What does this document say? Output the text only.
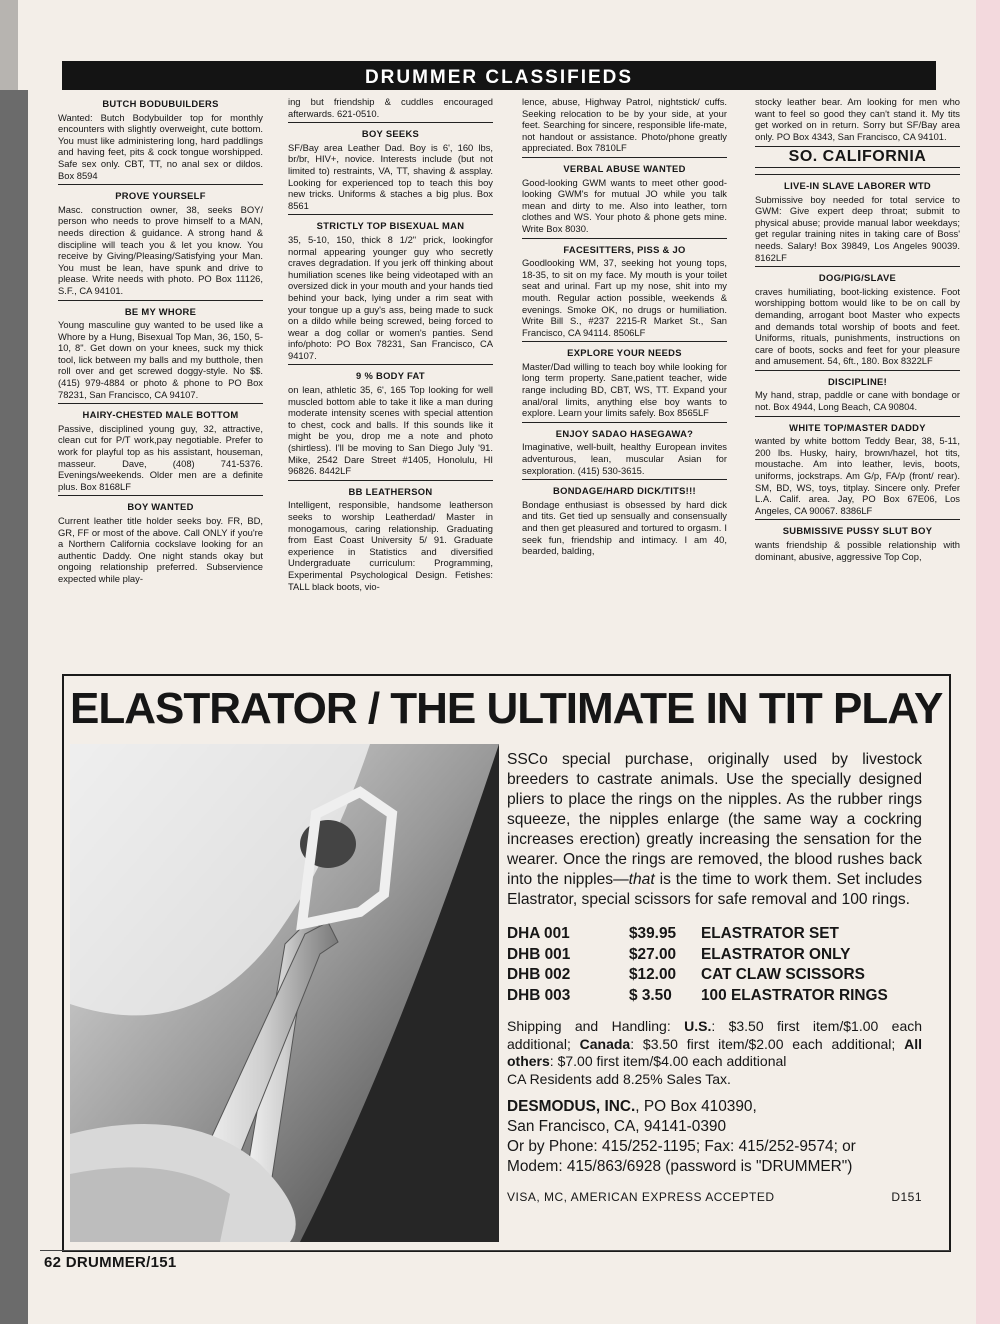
DRUMMER CLASSIFIEDS
BUTCH BODUBUILDERS

Wanted: Butch Bodybuilder top for monthly encounters with slightly overweight, cute bottom. You must like administering long, hard paddlings and having feet, pits & cock tongue worshipped. Safe sex only. CBT, TT, no anal sex or dildos. Box 8594

PROVE YOURSELF

Masc. construction owner, 38, seeks BOY/ person who needs to prove himself to a MAN, needs direction & guidance. A strong hand & discipline will teach you & let you know. You receive by Giving/Pleasing/Satisfying your Man. You must be lean, have spunk and drive to please. Write needs with photo. PO Box 11126, S.F., CA 94101.

BE MY WHORE

Young masculine guy wanted to be used like a Whore by a Hung, Bisexual Top Man, 36, 150, 5-10, 8". Get down on your knees, suck my thick tool, lick between my balls and my butthole, then roll over and get screwed doggy-style. No $$. (415) 979-4884 or photo & phone to PO Box 78231, San Francisco, CA 94107.

HAIRY-CHESTED MALE BOTTOM

Passive, disciplined young guy, 32, attractive, clean cut for P/T work,pay negotiable. Prefer to work for playful top as his assistant, houseman, masseur. Dave, (408) 741-5376. Evenings/weekends. Older men are a definite plus. Box 8168LF

BOY WANTED

Current leather title holder seeks boy. FR, BD, GR, FF or most of the above. Call ONLY if you're a Northern California cockslave looking for an authentic Daddy. One night stands okay but ongoing relationship preferred. Subservience expected while play-

ing but friendship & cuddles encouraged afterwards. 621-0510.

BOY SEEKS

SF/Bay area Leather Dad. Boy is 6', 160 lbs, br/br, HIV+, novice. Interests include (but not limited to) restraints, VA, TT, shaving & assplay. Looking for experienced top to teach this boy new tricks. Uniforms & staches a big plus. Box 8561

STRICTLY TOP BISEXUAL MAN

35, 5-10, 150, thick 8 1/2" prick, lookingfor normal appearing younger guy who secretly craves degradation. If you jerk off thinking about humiliation scenes like being videotaped with an oversized dick in your mouth and your hands tied behind your back, lying under a rim seat with your tongue up a guy's ass, being made to suck on a dildo while being screwed, being forced to wear a dog collar or women's panties. Send info/photo: PO Box 78231, San Francisco, CA 94107.

9 % BODY FAT

on lean, athletic 35, 6', 165 Top looking for well muscled bottom able to take it like a man during moderate intensity scenes with special attention to chest, cock and balls. If this sounds like it might be you, drop me a note and photo (shirtless). I'll be moving to San Diego July '91. Mike, 2542 Dare Street #1405, Honolulu, HI 96826. 8442LF

BB LEATHERSON

Intelligent, responsible, handsome leatherson seeks to worship Leatherdad/ Master in monogamous, caring relationship. Graduating from East Coast University 5/ 91. Graduate experience in Statistics and diversified Undergraduate curriculum: Programming, Experimental Psychological Design. Fetishes: TALL black boots, vio-

lence, abuse, Highway Patrol, nightstick/ cuffs. Seeking relocation to be by your side, at your feet. Searching for sincere, responsible life-mate, not handout or assistance. Photo/phone greatly appreciated. Box 7810LF

VERBAL ABUSE WANTED

Good-looking GWM wants to meet other good-looking GWM's for mutual JO while you talk mean and dirty to me. Also into leather, torn clothes and WS. Your photo & phone gets mine. Write Box 8030.

FACESITTERS, PISS & JO

Goodlooking WM, 37, seeking hot young tops, 18-35, to sit on my face. My mouth is your toilet seat and urinal. Fart up my nose, shit into my mouth. Regular action possible, weekends & evenings. Smoke OK, no drugs or humiliation. Write Bill S., #237 2215-R Market St., San Francisco, CA 94114. 8506LF

EXPLORE YOUR NEEDS

Master/Dad willing to teach boy while looking for long term property. Sane,patient teacher, wide range including BD, CBT, WS, TT. Expand your anal/oral limits, anything else boy wants to explore. Learn your limits safely. Box 8565LF

ENJOY SADAO HASEGAWA?

Imaginative, well-built, healthy European invites adventurous, lean, muscular Asian for sexploration. (415) 530-3615.

BONDAGE/HARD DICK/TITS!!!

Bondage enthusiast is obsessed by hard dick and tits. Get tied up sensually and consensually and then get pleasured and tortured to orgasm. I seek fun, friendship and intimacy. I am 40, bearded, balding,

stocky leather bear. Am looking for men who want to feel so good they can't stand it. My tits get worked on in return. Sorry but SF/Bay area only. PO Box 4343, San Francisco, CA 94101.

SO. CALIFORNIA
LIVE-IN SLAVE LABORER WTD

Submissive boy needed for total service to GWM: Give expert deep throat; submit to physical abuse; provide manual labor weekdays; get regular training nites in taking care of Boss' needs. Salary! Box 39849, Los Angeles 90039. 8162LF

DOG/PIG/SLAVE

craves humiliating, boot-licking existence. Foot worshipping bottom would like to be on call by demanding, arrogant boot Master who expects and demands total worship of boots and feet. Uniforms, rituals, punishments, instructions on care of boots, socks and feet for your pleasure and amusement. 54, 6ft., 180. Box 8322LF

DISCIPLINE!

My hand, strap, paddle or cane with bondage or not. Box 4944, Long Beach, CA 90804.

WHITE TOP/MASTER DADDY

wanted by white bottom Teddy Bear, 38, 5-11, 200 lbs. Husky, hairy, brown/hazel, hot tits, moustache. Am into leather, levis, boots, uniforms, jockstraps. Am G/p, FA/p (front/ rear). SM, BD, WS, toys, titplay. Sincere only. Prefer L.A. Calif. area. Jay, PO Box 67E06, Los Angeles, CA 90067. 8386LF

SUBMISSIVE PUSSY SLUT BOY

wants friendship & possible relationship with dominant, abusive, aggressive Top Cop,

ELASTRATOR / THE ULTIMATE IN TIT PLAY

SSCo special purchase, originally used by livestock breeders to castrate animals. Use the specially designed pliers to place the rings on the nipples. As the rubber rings squeeze, the nipples enlarge (the same way a cockring increases erection) greatly increasing the sensation for the wearer. Once the rings are removed, the blood rushes back into the nipples—that is the time to work them. Set includes Elastrator, special scissors for safe removal and 100 rings.

DHA 001	$39.95	ELASTRATOR SET
DHB 001	$27.00	ELASTRATOR ONLY
DHB 002	$12.00	CAT CLAW SCISSORS
DHB 003	$ 3.50	100 ELASTRATOR RINGS
Shipping and Handling: U.S.: $3.50 first item/$1.00 each additional; Canada: $3.50 first item/$2.00 each additional; All others: $7.00 first item/$4.00 each additional
CA Residents add 8.25% Sales Tax.
DESMODUS, INC., PO Box 410390,
San Francisco, CA, 94141-0390
Or by Phone: 415/252-1195; Fax: 415/252-9574; or
Modem: 415/863/6928 (password is "DRUMMER")
VISA, MC, AMERICAN EXPRESS ACCEPTED	D151
62 DRUMMER/151
